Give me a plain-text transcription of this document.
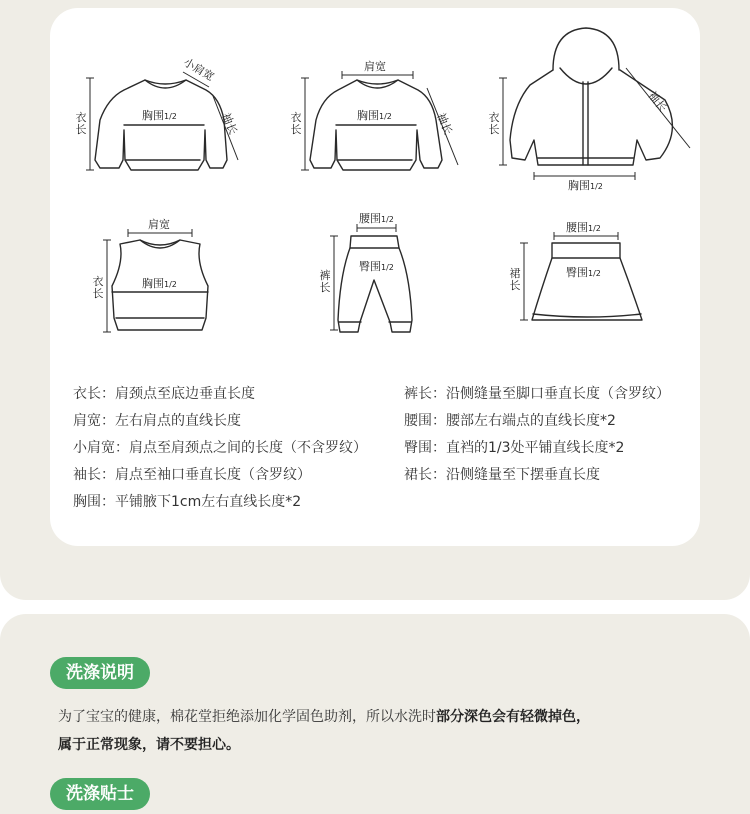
衣长
小肩宽
袖长
胸围1/2	衣长
肩宽
袖长
胸围1/2	衣长
袖长
胸围1/2
衣长
肩宽
胸围1/2
裤长
腰围1/2
臀围1/2	裙长
腰围1/2
臀围1/2
衣长：肩颈点至底边垂直长度
肩宽：左右肩点的直线长度
小肩宽：肩点至肩颈点之间的长度（不含罗纹）
袖长：肩点至袖口垂直长度（含罗纹）
胸围：平铺腋下1cm左右直线长度*2
裤长：沿侧缝量至脚口垂直长度（含罗纹）
腰围：腰部左右端点的直线长度*2
臀围：直裆的1/3处平铺直线长度*2
裙长：沿侧缝量至下摆垂直长度
洗涤说明
为了宝宝的健康，棉花堂拒绝添加化学固色助剂，所以水洗时部分深色会有轻微掉色，
属于正常现象，请不要担心。
洗涤贴士
